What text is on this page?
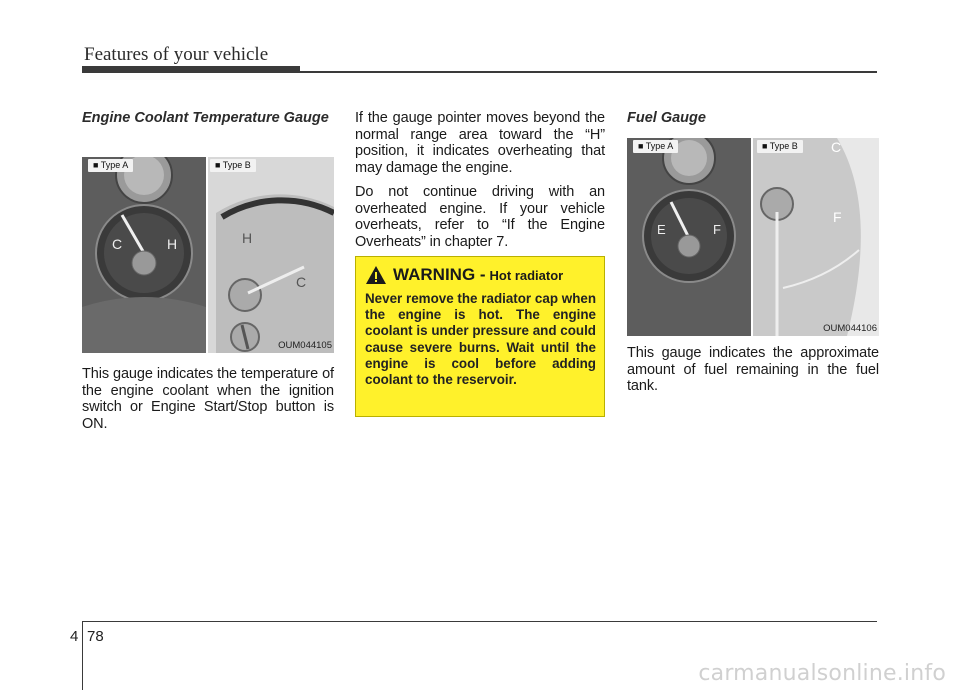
Features of your vehicle
Engine Coolant Temperature Gauge
C	H	H
C
■ Type A	■ Type B
OUM044105

This gauge indicates the temperature of the engine coolant when the ignition switch or Engine Start/Stop button is ON.

If the gauge pointer moves beyond the normal range area toward the “H” position, it indicates overheating that may damage the engine.

Do not continue driving with an overheated engine. If your vehicle overheats, refer to “If the Engine Overheats” in chapter 7.

WARNING - Hot radiator

Never remove the radiator cap when the engine is hot. The engine coolant is under pressure and could cause severe burns. Wait until the engine is cool before adding coolant to the reservoir.

Fuel Gauge
E	F
C
F
■ Type A	■ Type B
OUM044106

This gauge indicates the approximate amount of fuel remaining in the fuel tank.

4 78
carmanualsonline.info
